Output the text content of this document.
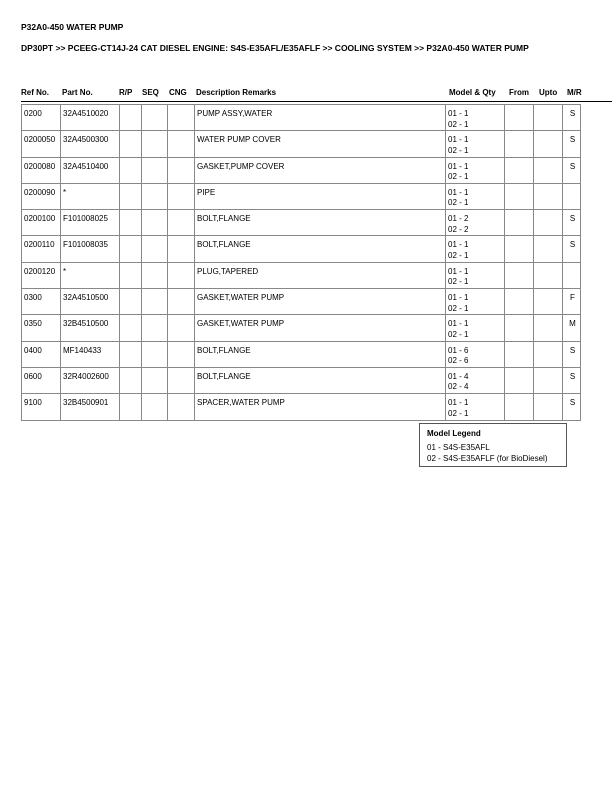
P32A0-450 WATER PUMP
DP30PT >> PCEEG-CT14J-24 CAT DIESEL ENGINE: S4S-E35AFL/E35AFLF >> COOLING SYSTEM >> P32A0-450 WATER PUMP
Ref No. Part No.	R/P SEQ CNG Description Remarks	Model & Qty From Upto M/R
0200	32A4510020				PUMP ASSY,WATER	01 - 1
02 - 1			S
0200050	32A4500300				WATER PUMP COVER	01 - 1
02 - 1			S
0200080	32A4510400				GASKET,PUMP COVER	01 - 1
02 - 1			S
0200090	*				PIPE	01 - 1
02 - 1			

0200100	F101008025				BOLT,FLANGE	01 - 2
02 - 2			S
0200110	F101008035				BOLT,FLANGE	01 - 1
02 - 1			S
0200120	*				PLUG,TAPERED	01 - 1
02 - 1			

0300	32A4510500				GASKET,WATER PUMP	01 - 1
02 - 1			F
0350	32B4510500				GASKET,WATER PUMP	01 - 1
02 - 1			M
0400	MF140433				BOLT,FLANGE	01 - 6
02 - 6			S
0600	32R4002600				BOLT,FLANGE	01 - 4
02 - 4			S
9100	32B4500901				SPACER,WATER PUMP	01 - 1
02 - 1			S
Model Legend
01 - S4S-E35AFL
02 - S4S-E35AFLF (for BioDiesel)
